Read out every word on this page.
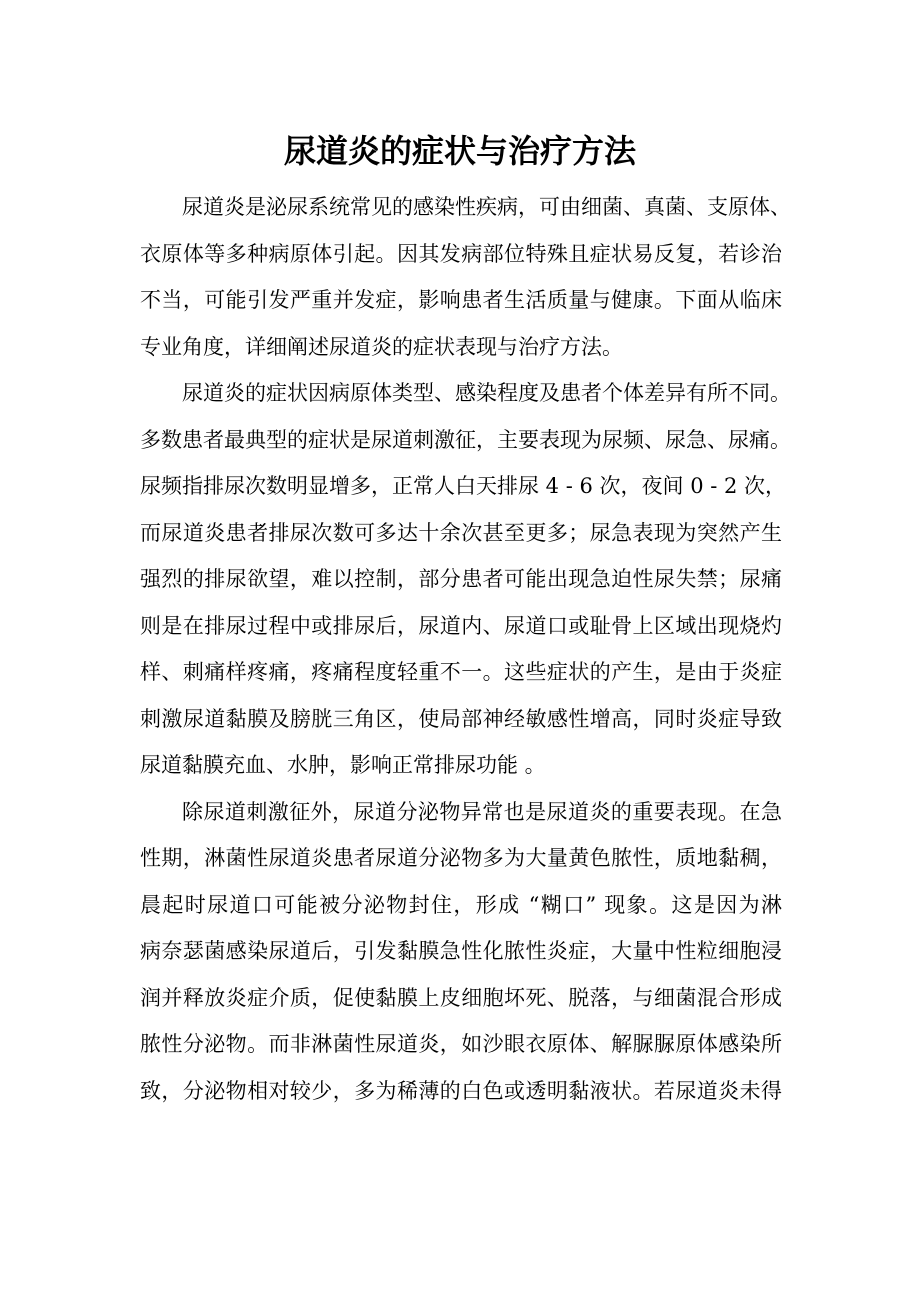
尿道炎的症状与治疗方法
尿道炎是泌尿系统常见的感染性疾病，可由细菌、真菌、支原体、
衣原体等多种病原体引起。因其发病部位特殊且症状易反复，若诊治
不当，可能引发严重并发症，影响患者生活质量与健康。下面从临床
专业角度，详细阐述尿道炎的症状表现与治疗方法。
尿道炎的症状因病原体类型、感染程度及患者个体差异有所不同。
多数患者最典型的症状是尿道刺激征，主要表现为尿频、尿急、尿痛。
尿频指排尿次数明显增多，正常人白天排尿 4 - 6 次，夜间 0 - 2 次，
而尿道炎患者排尿次数可多达十余次甚至更多；尿急表现为突然产生
强烈的排尿欲望，难以控制，部分患者可能出现急迫性尿失禁；尿痛
则是在排尿过程中或排尿后，尿道内、尿道口或耻骨上区域出现烧灼
样、刺痛样疼痛，疼痛程度轻重不一。这些症状的产生，是由于炎症
刺激尿道黏膜及膀胱三角区，使局部神经敏感性增高，同时炎症导致
尿道黏膜充血、水肿，影响正常排尿功能 。
除尿道刺激征外，尿道分泌物异常也是尿道炎的重要表现。在急
性期，淋菌性尿道炎患者尿道分泌物多为大量黄色脓性，质地黏稠，
晨起时尿道口可能被分泌物封住，形成 “糊口” 现象。这是因为淋
病奈瑟菌感染尿道后，引发黏膜急性化脓性炎症，大量中性粒细胞浸
润并释放炎症介质，促使黏膜上皮细胞坏死、脱落，与细菌混合形成
脓性分泌物。而非淋菌性尿道炎，如沙眼衣原体、解脲脲原体感染所
致，分泌物相对较少，多为稀薄的白色或透明黏液状。若尿道炎未得
